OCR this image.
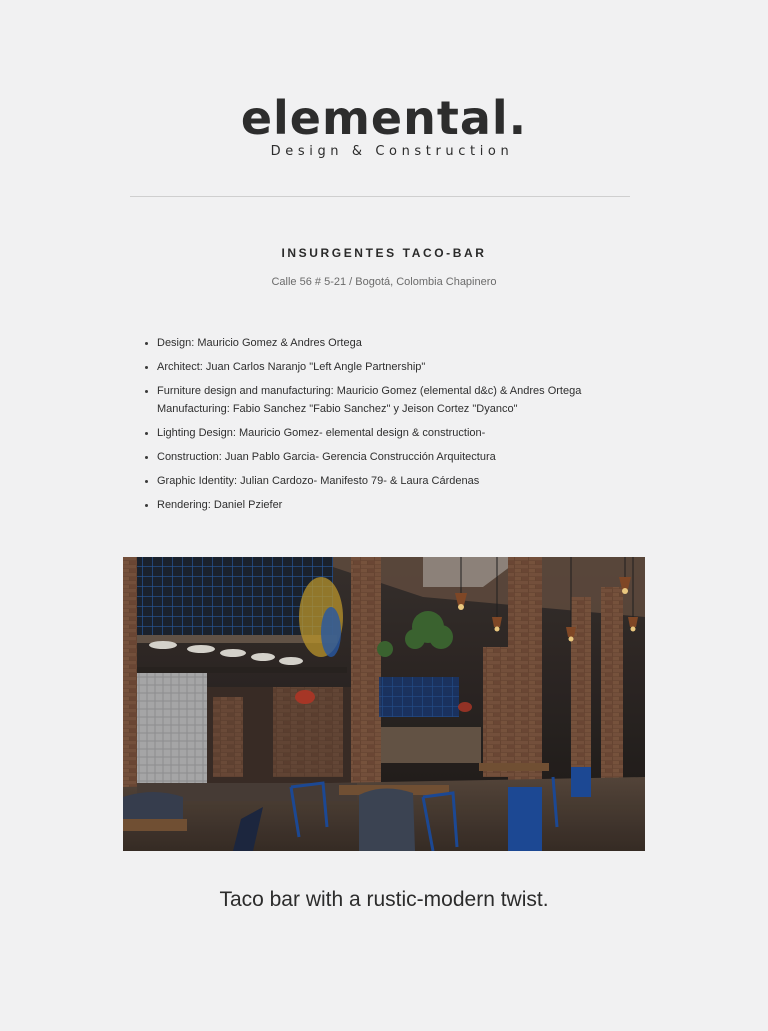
elemental.
Design & Construction
INSURGENTES TACO-BAR
Calle 56 # 5-21 / Bogotá, Colombia Chapinero
Design: Mauricio Gomez & Andres Ortega
Architect: Juan Carlos Naranjo "Left Angle Partnership"
Furniture design and manufacturing: Mauricio Gomez (elemental d&c) & Andres Ortega Manufacturing: Fabio Sanchez "Fabio Sanchez" y Jeison Cortez "Dyanco"
Lighting Design: Mauricio Gomez- elemental design & construction-
Construction: Juan Pablo Garcia- Gerencia Construcción Arquitectura
Graphic Identity: Julian Cardozo- Manifesto 79- & Laura Cárdenas
Rendering: Daniel Pziefer
Taco bar with a rustic-modern twist.
